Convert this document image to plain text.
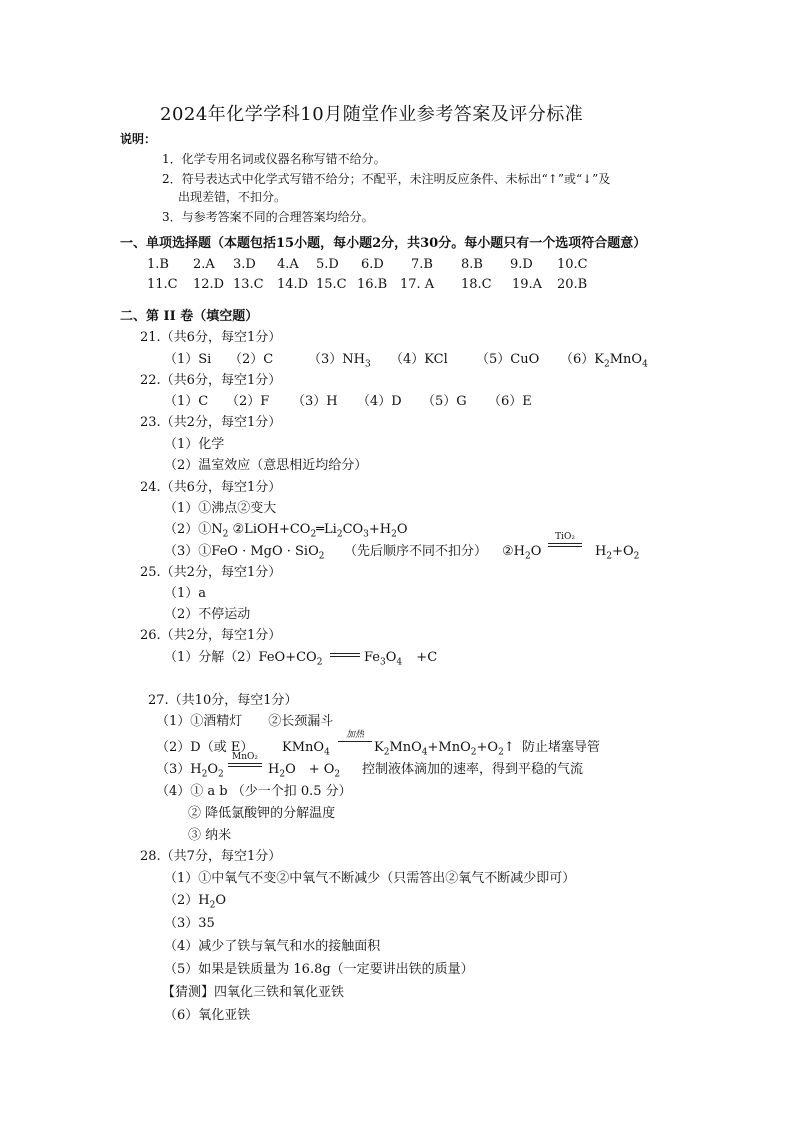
2024年化学学科10月随堂作业参考答案及评分标准
说明：
1．化学专用名词或仪器名称写错不给分。
2．符号表达式中化学式写错不给分；不配平，未注明反应条件、未标出“↑”或“↓”及
出现差错，不扣分。
3．与参考答案不同的合理答案均给分。
一、单项选择题（本题包括15小题，每小题2分，共30分。每小题只有一个选项符合题意）
1.B 2.A 3.D 4.A 5.D 6.D 7.B 8.B 9.D 10.C
11.C 12.D 13.C 14.D 15.C 16.B 17. A 18.C 19.A 20.B
二、第 II 卷（填空题）
21.（共6分，每空1分）
（1）Si （2）C	$(3)NH_3$ （4）KCl （5）CuO $(6)K_2MnO_4$
22.（共6分，每空1分）
（1）C （2）F （3）H （4）D （5）G （6）E
23.（共2分，每空1分）
（1）化学
（2）温室效应（意思相近均给分）
24.（共6分，每空1分）
（1）①沸点②变大
$(2)①N_2$ $②LiOH+CO_2═Li_2CO_3+H_2O$
（3）①FeO · MgO · SiO$_2$ （先后顺序不同不扣分） $②H_2O$
TiO₂
$H_2+O_2$
25.（共2分，每空1分）
（1）a
（2）不停运动
26.（共2分，每空1分）
（1）分解$(2)FeO+CO_2$	$Fe_3O_4 +C$
27.（共10分，每空1分）
（1）①酒精灯　　②长颈漏斗
（2）D（或 E） KMnO$_4$
加热
$K_2MnO_4+MnO_2+O_2↑$ 防止堵塞导管
$(3)H_2O_2$
MnO₂
$H_2O$　+ $O_2$ 控制液体滴加的速率，得到平稳的气流
（4）① a b （少一个扣 0.5 分）
② 降低氯酸钾的分解温度
③ 纳米
28.（共7分，每空1分）
（1）①中氧气不变②中氧气不断减少（只需答出②氧气不断减少即可）
$(2)H_2O$
（3）35
（4）减少了铁与氧气和水的接触面积
（5）如果是铁质量为 16.8g（一定要讲出铁的质量）
【猜测】四氧化三铁和氧化亚铁
（6）氧化亚铁
